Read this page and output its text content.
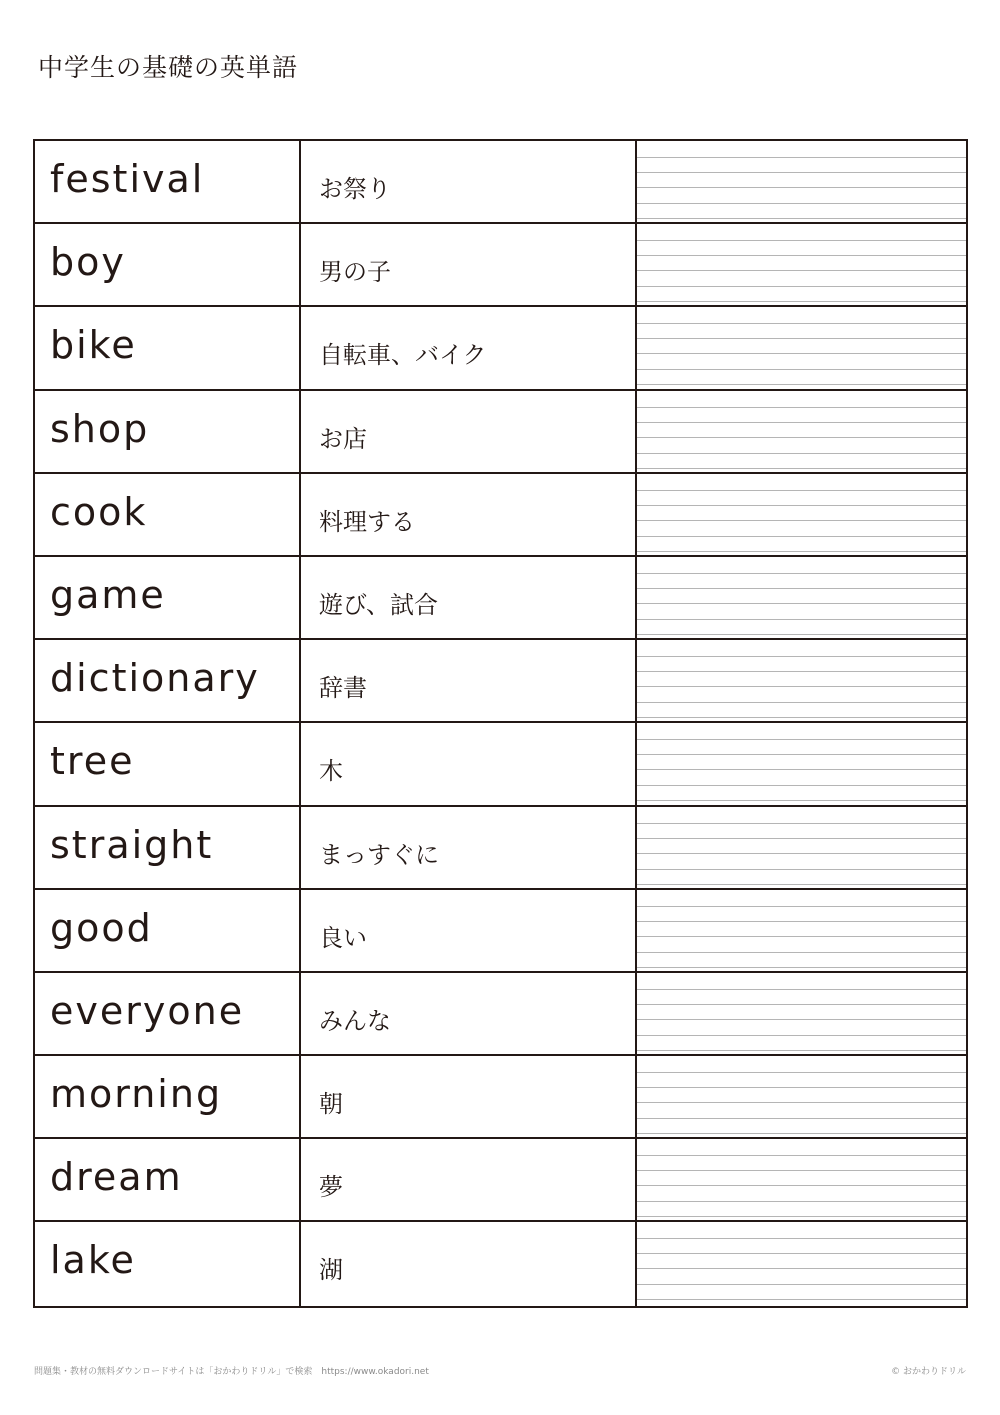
中学生の基礎の英単語
festival	お祭り
boy	男の子
bike	自転車、バイク
shop	お店
cook	料理する
game	遊び、試合
dictionary	辞書
tree	木
straight	まっすぐに
good	良い
everyone	みんな
morning	朝
dream	夢
lake	湖
問題集・教材の無料ダウンロードサイトは「おかわりドリル」で検索　https://www.okadori.net	© おかわりドリル
